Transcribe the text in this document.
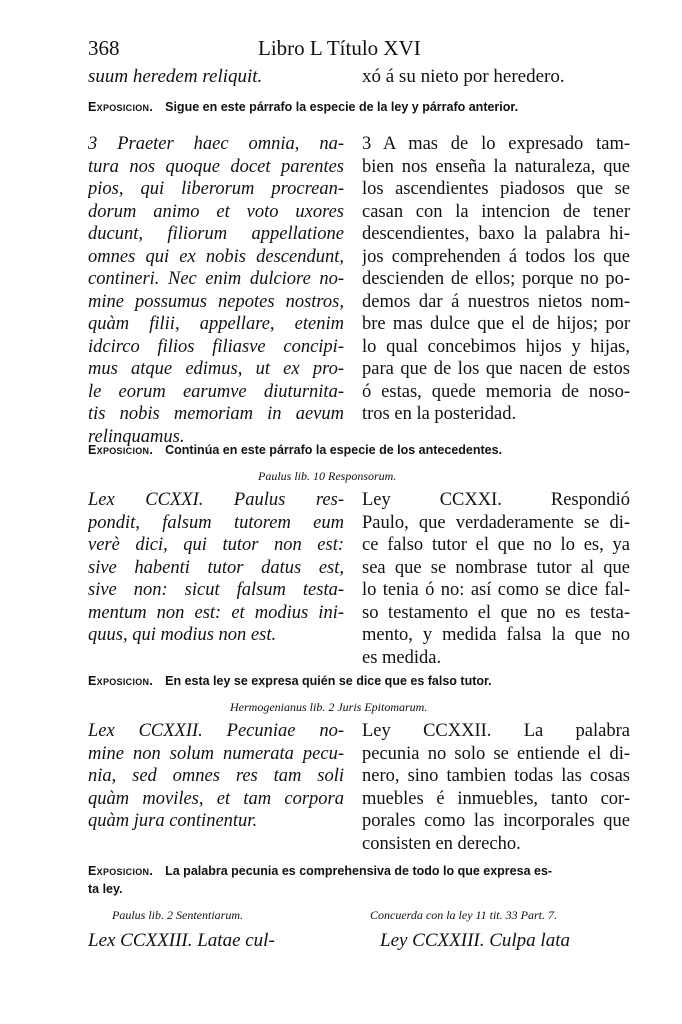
368	Libro L Título XVI
suum heredem reliquit.	xó á su nieto por heredero.
Exposicion. Sigue en este párrafo la especie de la ley y párrafo anterior.
3 Praeter haec omnia, na-
tura nos quoque docet parentes
pios, qui liberorum procrean-
dorum animo et voto uxores
ducunt, filiorum appellatione
omnes qui ex nobis descendunt,
contineri. Nec enim dulciore no-
mine possumus nepotes nostros,
quàm filii, appellare, etenim
idcirco filios filiasve concipi-
mus atque edimus, ut ex pro-
le eorum earumve diuturnita-
tis nobis memoriam in aevum
relinquamus.
3 A mas de lo expresado tam-
bien nos enseña la naturaleza, que
los ascendientes piadosos que se
casan con la intencion de tener
descendientes, baxo la palabra hi-
jos comprehenden á todos los que
descienden de ellos; porque no po-
demos dar á nuestros nietos nom-
bre mas dulce que el de hijos; por
lo qual concebimos hijos y hijas,
para que de los que nacen de estos
ó estas, quede memoria de noso-
tros en la posteridad.
Exposicion. Continúa en este párrafo la especie de los antecedentes.
Paulus lib. 10 Responsorum.
Lex CCXXI. Paulus res-
pondit, falsum tutorem eum
verè dici, qui tutor non est:
sive habenti tutor datus est,
sive non: sicut falsum testa-
mentum non est: et modius ini-
quus, qui modius non est.
Ley CCXXI. Respondió
Paulo, que verdaderamente se di-
ce falso tutor el que no lo es, ya
sea que se nombrase tutor al que
lo tenia ó no: así como se dice fal-
so testamento el que no es testa-
mento, y medida falsa la que no
es medida.
Exposicion. En esta ley se expresa quién se dice que es falso tutor.
Hermogenianus lib. 2 Juris Epitomarum.
Lex CCXXII. Pecuniae no-
mine non solum numerata pecu-
nia, sed omnes res tam soli
quàm moviles, et tam corpora
quàm jura continentur.
Ley CCXXII. La palabra
pecunia no solo se entiende el di-
nero, sino tambien todas las cosas
muebles é inmuebles, tanto cor-
porales como las incorporales que
consisten en derecho.
Exposicion. La palabra pecunia es comprehensiva de todo lo que expresa es-
ta ley.
Paulus lib. 2 Sententiarum.	Concuerda con la ley 11 tit. 33 Part. 7.
Lex CCXXIII. Latae cul-	Ley CCXXIII. Culpa lata
